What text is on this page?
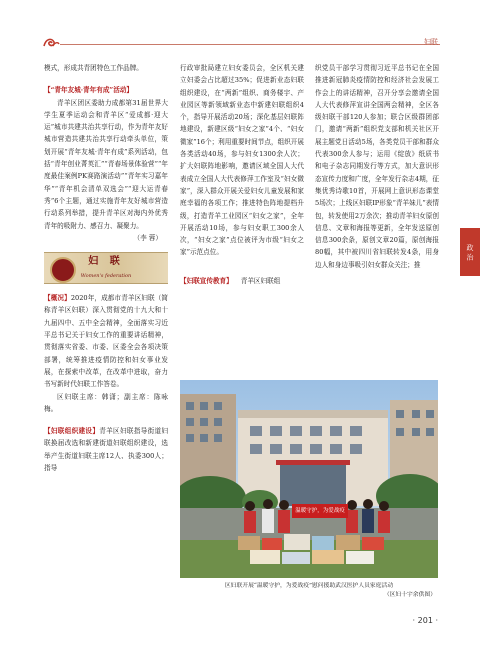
妇联

模式，形成共青团特色工作品牌。

【“青年友城·青年有成”活动】

青羊区团区委助力成都第31届世界大学生夏季运动会和青羊区“爱成都·迎大运”城市共建共治共享行动，作为青年友好城市营造共建共治共享行动牵头单位，策划开展“青年友城·青年有成”系列活动，包括“青年创业菁英汇”“青春场景体验营”“年度最佳案例PK赛路演活动”“青年实习嘉年华”“青年机会清单双选会”“迎大运青春秀”6个主题，通过实施青年友好城市营造行动系列举措，提升青羊区对海内外优秀青年的吸附力、感召力、凝聚力。

（李 蓉）

妇 联
Women's federation

【概况】2020年，成都市青羊区妇联（简称青羊区妇联）深入贯彻党的十九大和十九届四中、五中全会精神，全面落实习近平总书记关于妇女工作的重要讲话精神，贯彻落实省委、市委、区委全会各项决策部署，统筹推进疫情防控和妇女事业发展，在探索中改革，在改革中进取，奋力书写新时代妇联工作答卷。

区妇联主席：韩潇；副主席：陈咏梅。

【妇联组织建设】青羊区妇联指导街道妇联换届改选和新建街道妇联组织建设，选举产生街道妇联主席12人、执委300人；指导

行政审批局建立妇女委员会，全区机关建立妇委会占比超过35%；促进新业态妇联组织建设，在“两新”组织、商务楼宇、产业园区等新领域新业态中新建妇联组织4个，指导开展活动20场；深化基层妇联阵地建设，新建区级“妇女之家”4个、“妇女微家”16个；利用重要时间节点，组织开展各类活动40场，参与妇女1300余人次；扩大妇联阵地影响，邀请区域全国人大代表成立全国人大代表修萍工作室及“妇女微家”，深入群众开展关爱妇女儿童发展和家庭幸福的各项工作；推进特色阵地提档升级，打造青羊工业园区“妇女之家”，全年开展活动10场，参与妇女职工300余人次，“妇女之家”点位被评为市级“妇女之家”示范点位。

【妇联宣传教育】 青羊区妇联组

织党员干部学习贯彻习近平总书记在全国推进新冠肺炎疫情防控和经济社会发展工作会上的讲话精神，召开分享会邀请全国人大代表修萍宣讲全国两会精神，全区各级妇联干部120人参加；联合区级群团部门，邀请“两新”组织党支部和机关社区开展主题党日活动5场，各类党员干部和群众代表300余人参与；运用《绽放》纸质书和电子杂志同期发行等方式，加大意识形态宣传力度和广度，全年发行杂志4期，征集优秀诗歌10首，开展网上意识形态课堂5场次；上线区妇联IP形象“青羊妹儿”表情包，转发使用2万余次；推动青羊妇女原创信息、文章和海报等更新，全年发送原创信息300余条，原创文章20篇，原创海报80幅，其中被四川省妇联转发4条，用身边人和身边事吸引妇女群众关注；推

政 治
温暖守护，为爱战疫
区妇联开展“温暖守护，为爱战疫”慰问援助武汉医护人员家庭活动
（区妇十宇余供图）
· 201 ·
